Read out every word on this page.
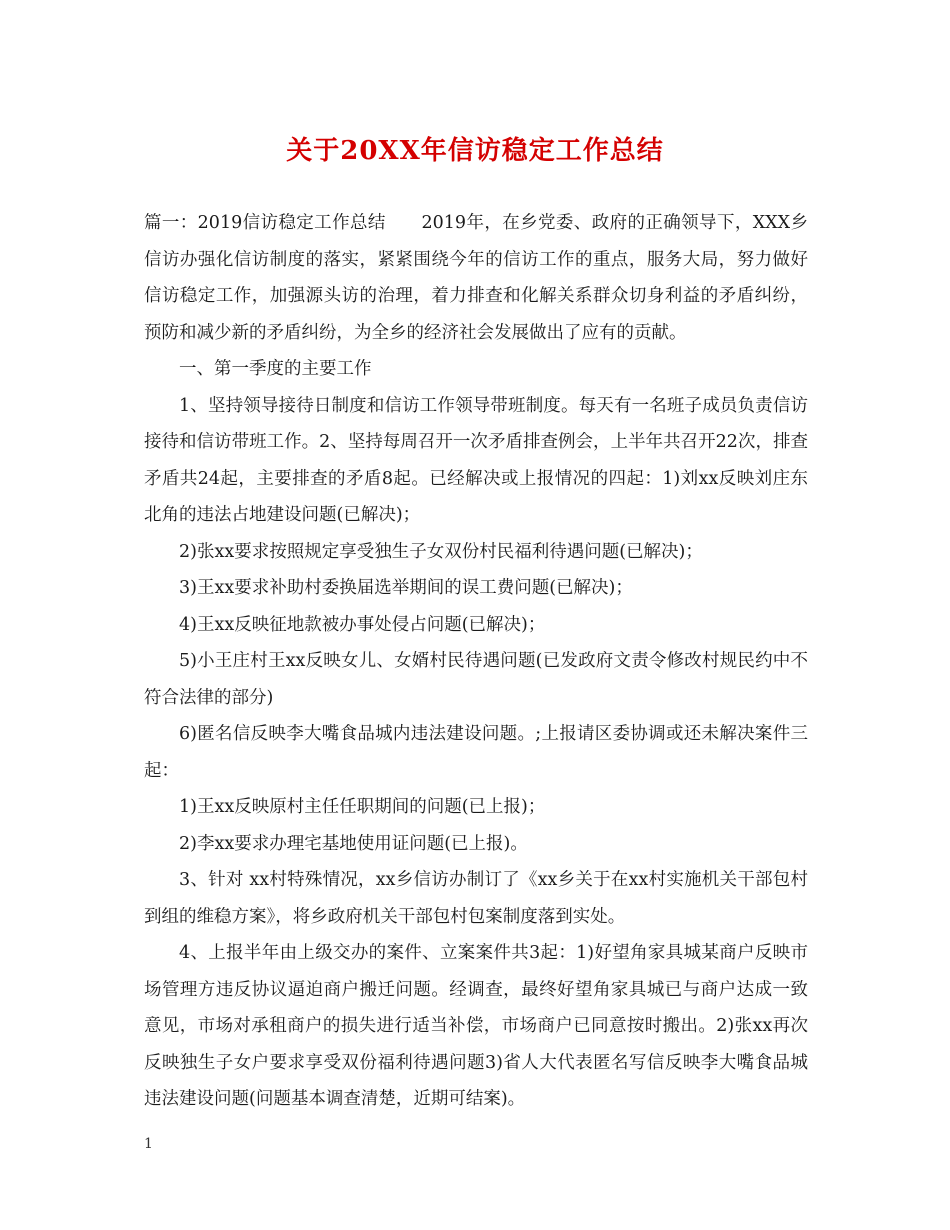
关于20XX年信访稳定工作总结

篇一：2019信访稳定工作总结　　2019年，在乡党委、政府的正确领导下，XXX乡信访办强化信访制度的落实，紧紧围绕今年的信访工作的重点，服务大局，努力做好信访稳定工作，加强源头访的治理，着力排查和化解关系群众切身利益的矛盾纠纷，预防和减少新的矛盾纠纷，为全乡的经济社会发展做出了应有的贡献。

一、第一季度的主要工作

1、坚持领导接待日制度和信访工作领导带班制度。每天有一名班子成员负责信访接待和信访带班工作。2、坚持每周召开一次矛盾排查例会，上半年共召开22次，排查矛盾共24起，主要排查的矛盾8起。已经解决或上报情况的四起：1)刘xx反映刘庄东北角的违法占地建设问题(已解决)；

2)张xx要求按照规定享受独生子女双份村民福利待遇问题(已解决)；

3)王xx要求补助村委换届选举期间的误工费问题(已解决)；

4)王xx反映征地款被办事处侵占问题(已解决)；

5)小王庄村王xx反映女儿、女婿村民待遇问题(已发政府文责令修改村规民约中不符合法律的部分)

6)匿名信反映李大嘴食品城内违法建设问题。;上报请区委协调或还未解决案件三起：

1)王xx反映原村主任任职期间的问题(已上报)；

2)李xx要求办理宅基地使用证问题(已上报)。

3、针对 xx村特殊情况，xx乡信访办制订了《xx乡关于在xx村实施机关干部包村到组的维稳方案》，将乡政府机关干部包村包案制度落到实处。

4、上报半年由上级交办的案件、立案案件共3起：1)好望角家具城某商户反映市场管理方违反协议逼迫商户搬迁问题。经调查，最终好望角家具城已与商户达成一致意见，市场对承租商户的损失进行适当补偿，市场商户已同意按时搬出。2)张xx再次反映独生子女户要求享受双份福利待遇问题3)省人大代表匿名写信反映李大嘴食品城违法建设问题(问题基本调查清楚，近期可结案)。

1
